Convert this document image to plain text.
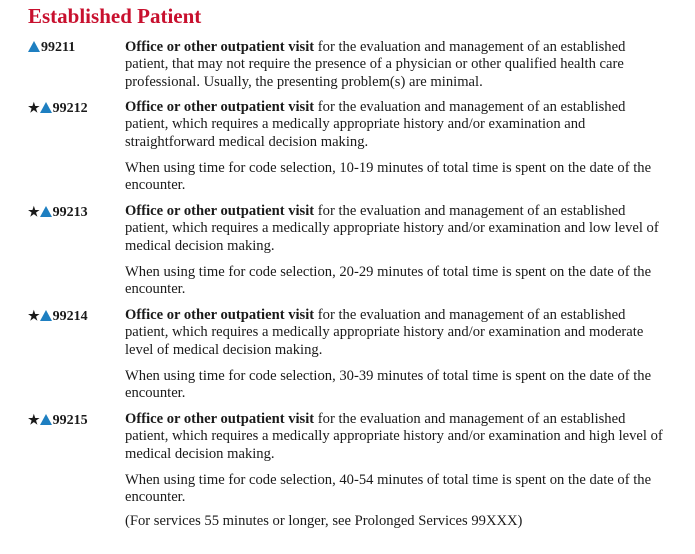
Established Patient
99211	Office or other outpatient visit for the evaluation and management of an established patient, that may not require the presence of a physician or other qualified health care professional. Usually, the presenting problem(s) are minimal.
★ 99212	Office or other outpatient visit for the evaluation and management of an established patient, which requires a medically appropriate history and/or examination and straightforward medical decision making.
When using time for code selection, 10-19 minutes of total time is spent on the date of the encounter.
★ 99213	Office or other outpatient visit for the evaluation and management of an established patient, which requires a medically appropriate history and/or examination and low level of medical decision making.
When using time for code selection, 20-29 minutes of total time is spent on the date of the encounter.
★ 99214	Office or other outpatient visit for the evaluation and management of an established patient, which requires a medically appropriate history and/or examination and moderate level of medical decision making.
When using time for code selection, 30-39 minutes of total time is spent on the date of the encounter.
★ 99215	Office or other outpatient visit for the evaluation and management of an established patient, which requires a medically appropriate history and/or examination and high level of medical decision making.
When using time for code selection, 40-54 minutes of total time is spent on the date of the encounter.
(For services 55 minutes or longer, see Prolonged Services 99XXX)
